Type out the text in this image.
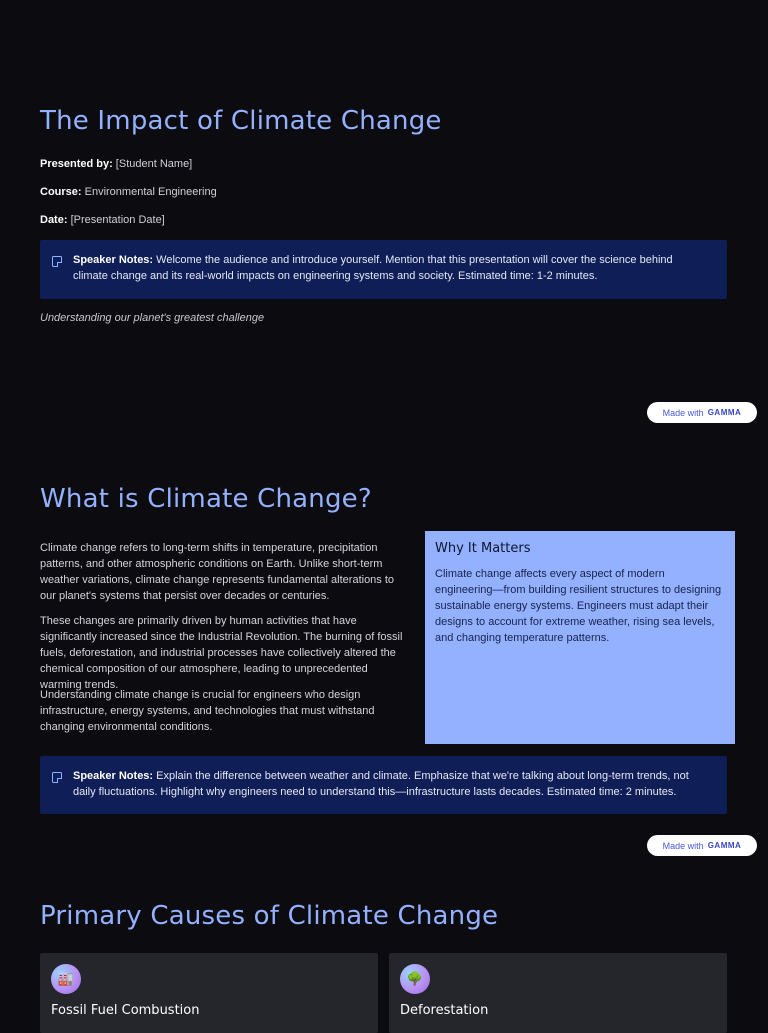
The Impact of Climate Change

Presented by: [Student Name]

Course: Environmental Engineering

Date: [Presentation Date]

Speaker Notes: Welcome the audience and introduce yourself. Mention that this presentation will cover the science behind climate change and its real-world impacts on engineering systems and society. Estimated time: 1-2 minutes.

Understanding our planet's greatest challenge

Made with GAMMA
What is Climate Change?

Climate change refers to long-term shifts in temperature, precipitation patterns, and other atmospheric conditions on Earth. Unlike short-term weather variations, climate change represents fundamental alterations to our planet's systems that persist over decades or centuries.

These changes are primarily driven by human activities that have significantly increased since the Industrial Revolution. The burning of fossil fuels, deforestation, and industrial processes have collectively altered the chemical composition of our atmosphere, leading to unprecedented warming trends.

Understanding climate change is crucial for engineers who design infrastructure, energy systems, and technologies that must withstand changing environmental conditions.

Why It Matters

Climate change affects every aspect of modern engineering—from building resilient structures to designing sustainable energy systems. Engineers must adapt their designs to account for extreme weather, rising sea levels, and changing temperature patterns.

Speaker Notes: Explain the difference between weather and climate. Emphasize that we're talking about long-term trends, not daily fluctuations. Highlight why engineers need to understand this—infrastructure lasts decades. Estimated time: 2 minutes.
Made with GAMMA
Primary Causes of Climate Change
🏭
Fossil Fuel Combustion
🌳
Deforestation
